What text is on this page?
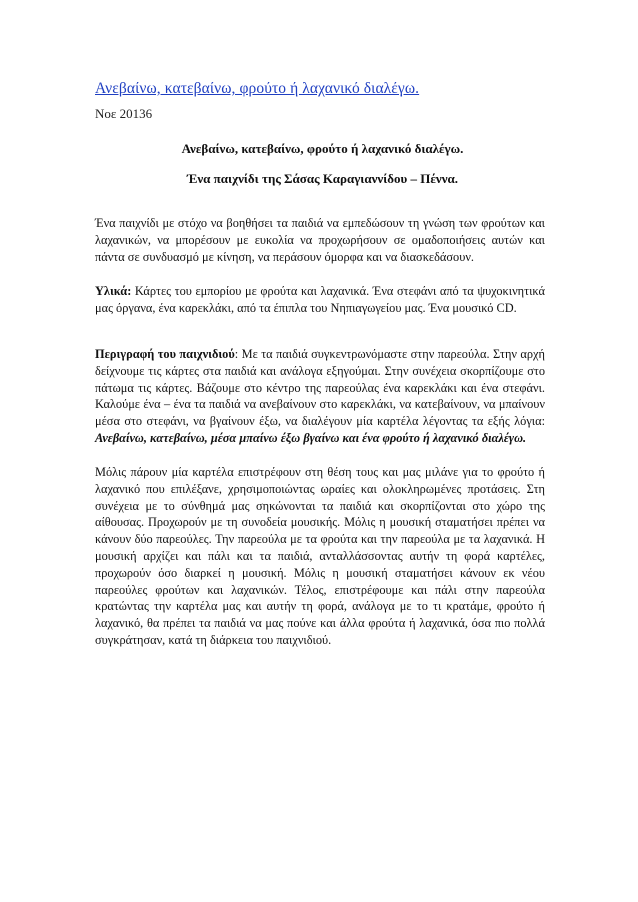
Ανεβαίνω, κατεβαίνω, φρούτο ή λαχανικό διαλέγω.
Νοε 20136
Ανεβαίνω, κατεβαίνω, φρούτο ή λαχανικό διαλέγω.
Ένα παιχνίδι της Σάσας Καραγιαννίδου – Πέννα.

Ένα παιχνίδι με στόχο να βοηθήσει τα παιδιά να εμπεδώσουν τη γνώση των φρούτων και λαχανικών, να μπορέσουν με ευκολία να προχωρήσουν σε ομαδοποιήσεις αυτών και πάντα σε συνδυασμό με κίνηση, να περάσουν όμορφα και να διασκεδάσουν.

Υλικά: Κάρτες του εμπορίου με φρούτα και λαχανικά. Ένα στεφάνι από τα ψυχοκινητικά μας όργανα, ένα καρεκλάκι, από τα έπιπλα του Νηπιαγωγείου μας. Ένα μουσικό CD.

Περιγραφή του παιχνιδιού: Με τα παιδιά συγκεντρωνόμαστε στην παρεούλα. Στην αρχή δείχνουμε τις κάρτες στα παιδιά και ανάλογα εξηγούμαι. Στην συνέχεια σκορπίζουμε στο πάτωμα τις κάρτες. Βάζουμε στο κέντρο της παρεούλας ένα καρεκλάκι και ένα στεφάνι. Καλούμε ένα – ένα τα παιδιά να ανεβαίνουν στο καρεκλάκι, να κατεβαίνουν, να μπαίνουν μέσα στο στεφάνι, να βγαίνουν έξω, να διαλέγουν μία καρτέλα λέγοντας τα εξής λόγια: Ανεβαίνω, κατεβαίνω, μέσα μπαίνω έξω βγαίνω και ένα φρούτο ή λαχανικό διαλέγω.

Μόλις πάρουν μία καρτέλα επιστρέφουν στη θέση τους και μας μιλάνε για το φρούτο ή λαχανικό που επιλέξανε, χρησιμοποιώντας ωραίες και ολοκληρωμένες προτάσεις. Στη συνέχεια με το σύνθημά μας σηκώνονται τα παιδιά και σκορπίζονται στο χώρο της αίθουσας. Προχωρούν με τη συνοδεία μουσικής. Μόλις η μουσική σταματήσει πρέπει να κάνουν δύο παρεούλες. Την παρεούλα με τα φρούτα και την παρεούλα με τα λαχανικά. Η μουσική αρχίζει και πάλι και τα παιδιά, ανταλλάσσοντας αυτήν τη φορά καρτέλες, προχωρούν όσο διαρκεί η μουσική. Μόλις η μουσική σταματήσει κάνουν εκ νέου παρεούλες φρούτων και λαχανικών. Τέλος, επιστρέφουμε και πάλι στην παρεούλα κρατώντας την καρτέλα μας και αυτήν τη φορά, ανάλογα με το τι κρατάμε, φρούτο ή λαχανικό, θα πρέπει τα παιδιά να μας πούνε και άλλα φρούτα ή λαχανικά, όσα πιο πολλά συγκράτησαν, κατά τη διάρκεια του παιχνιδιού.
